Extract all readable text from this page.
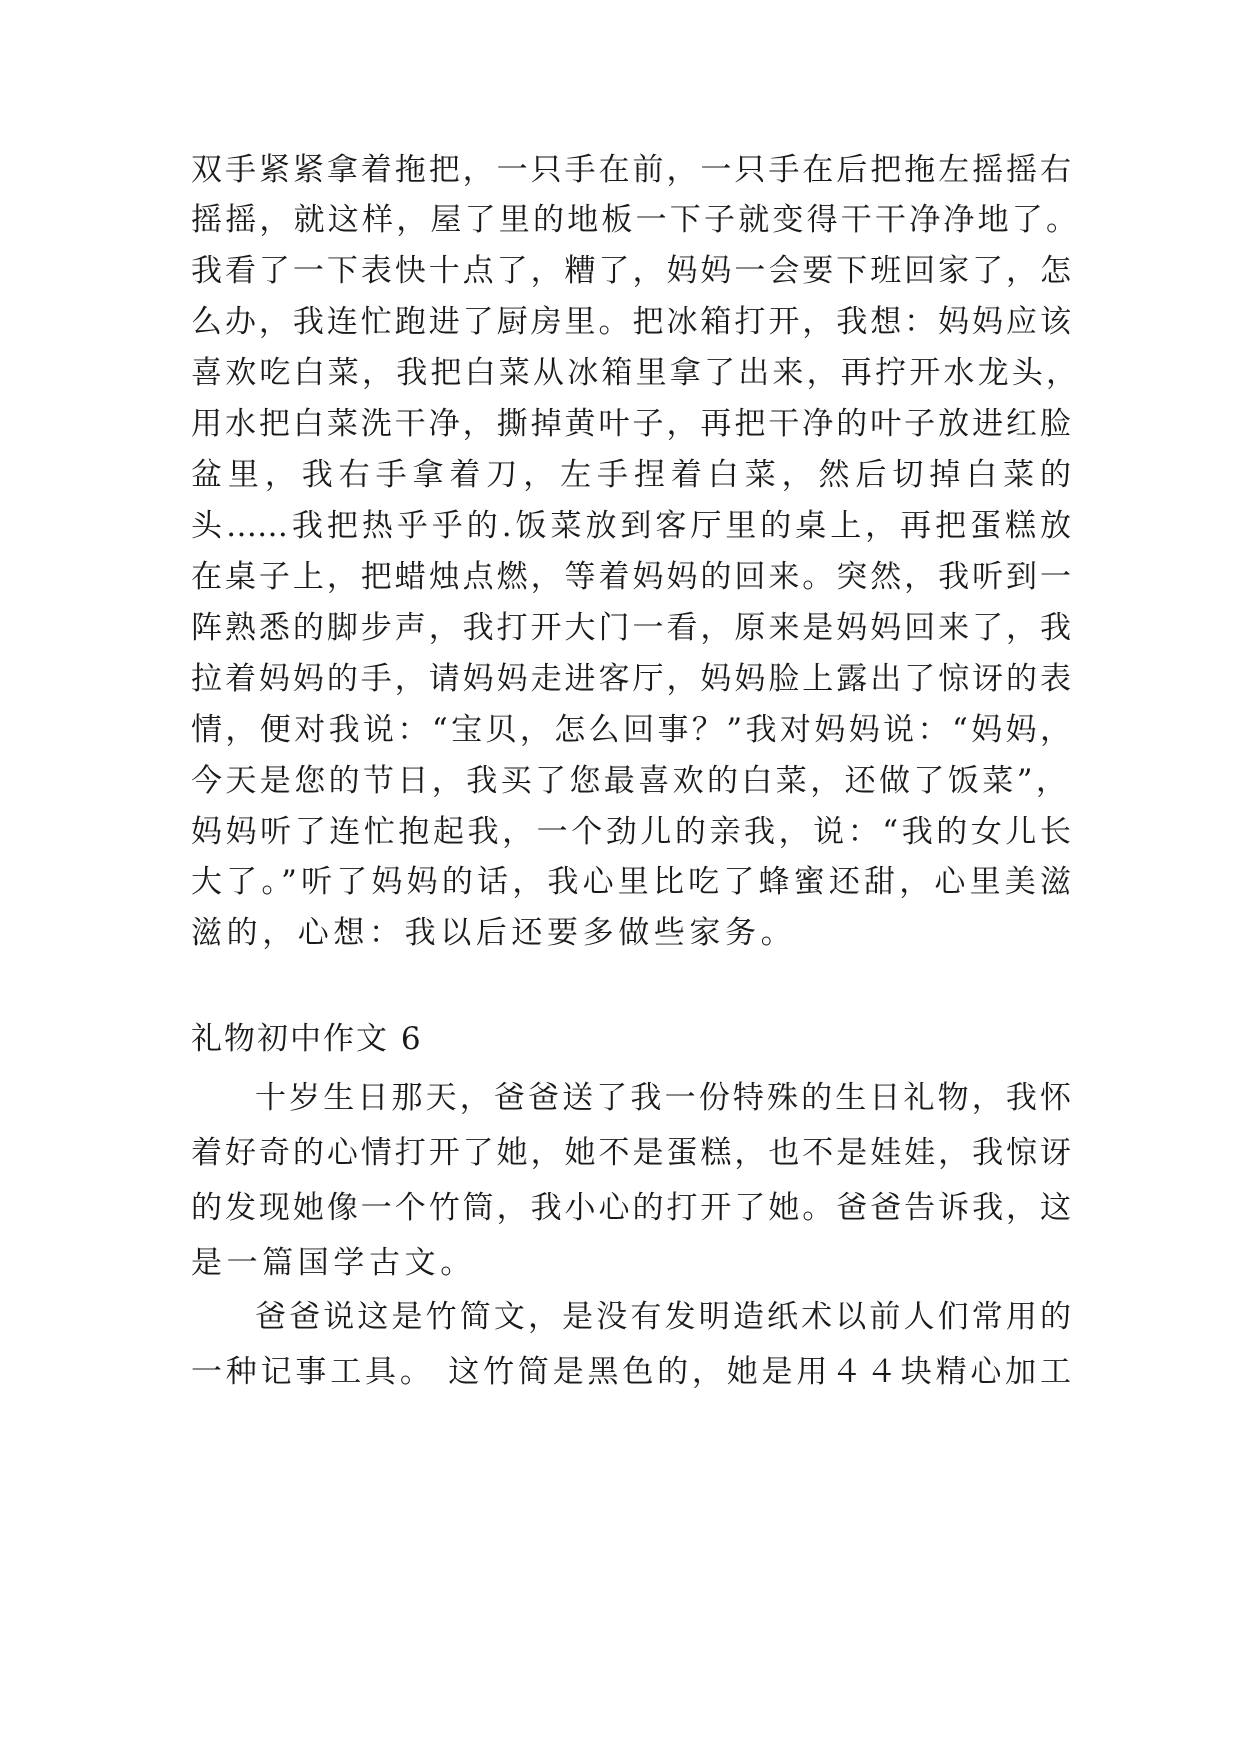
双手紧紧拿着拖把，一只手在前，一只手在后把拖左摇摇右
摇摇，就这样，屋了里的地板一下子就变得干干净净地了。
我看了一下表快十点了，糟了，妈妈一会要下班回家了，怎
么办，我连忙跑进了厨房里。把冰箱打开，我想：妈妈应该
喜欢吃白菜，我把白菜从冰箱里拿了出来，再拧开水龙头，
用水把白菜洗干净，撕掉黄叶子，再把干净的叶子放进红脸
盆里，我右手拿着刀，左手捏着白菜，然后切掉白菜的
头……我把热乎乎的.饭菜放到客厅里的桌上，再把蛋糕放
在桌子上，把蜡烛点燃，等着妈妈的回来。突然，我听到一
阵熟悉的脚步声，我打开大门一看，原来是妈妈回来了，我
拉着妈妈的手，请妈妈走进客厅，妈妈脸上露出了惊讶的表
情，便对我说：“宝贝，怎么回事？”我对妈妈说：“妈妈，
今天是您的节日，我买了您最喜欢的白菜，还做了饭菜”，
妈妈听了连忙抱起我，一个劲儿的亲我，说：“我的女儿长
大了。”听了妈妈的话，我心里比吃了蜂蜜还甜，心里美滋
滋的，心想：我以后还要多做些家务。
礼物初中作文 6
十岁生日那天，爸爸送了我一份特殊的生日礼物，我怀
着好奇的心情打开了她，她不是蛋糕，也不是娃娃，我惊讶
的发现她像一个竹筒，我小心的打开了她。爸爸告诉我，这
是一篇国学古文。
爸爸说这是竹简文，是没有发明造纸术以前人们常用的
一种记事工具。 这竹简是黑色的，她是用４４块精心加工
